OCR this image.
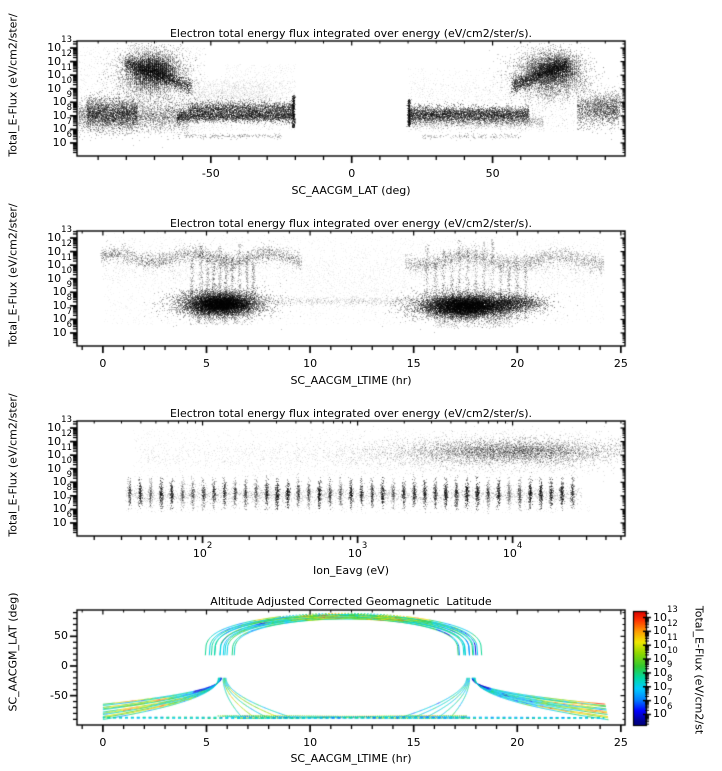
Electron total energy flux integrated over energy (eV/cm2/ster/s).
Electron total energy flux integrated over energy (eV/cm2/ster/s).
Electron total energy flux integrated over energy (eV/cm2/ster/s).
Altitude Adjusted Corrected Geomagnetic  Latitude
SC_AACGM_LAT (deg)
SC_AACGM_LTIME (hr)
Ion_Eavg (eV)
SC_AACGM_LTIME (hr)
Total_E-Flux (eV/cm2/ster/
Total_E-Flux (eV/cm2/ster/
Total_E-Flux (eV/cm2/ster/
SC_AACGM_LAT (deg)	Total_E-Flux (eV/cm2/st
-50	0	50
$10^6$
$10^7$
$10^8$
$10^9$
$10^{10}$
$10^{11}$
$10^{12}$
$10^{13}$
0	5	10	15	20	25
$10^6$
$10^7$
$10^8$
$10^9$
$10^{10}$
$10^{11}$
$10^{12}$
$10^{13}$
$10^2$
$10^3$
$10^4$
$10^6$
$10^7$
$10^8$
$10^9$
$10^{10}$
$10^{11}$
$10^{12}$
$10^{13}$
0	5	10	15	20	25
50
0
-50
$10^6$
$10^7$
$10^8$
$10^9$
$10^{10}$
$10^{11}$
$10^{12}$
$10^{13}$
